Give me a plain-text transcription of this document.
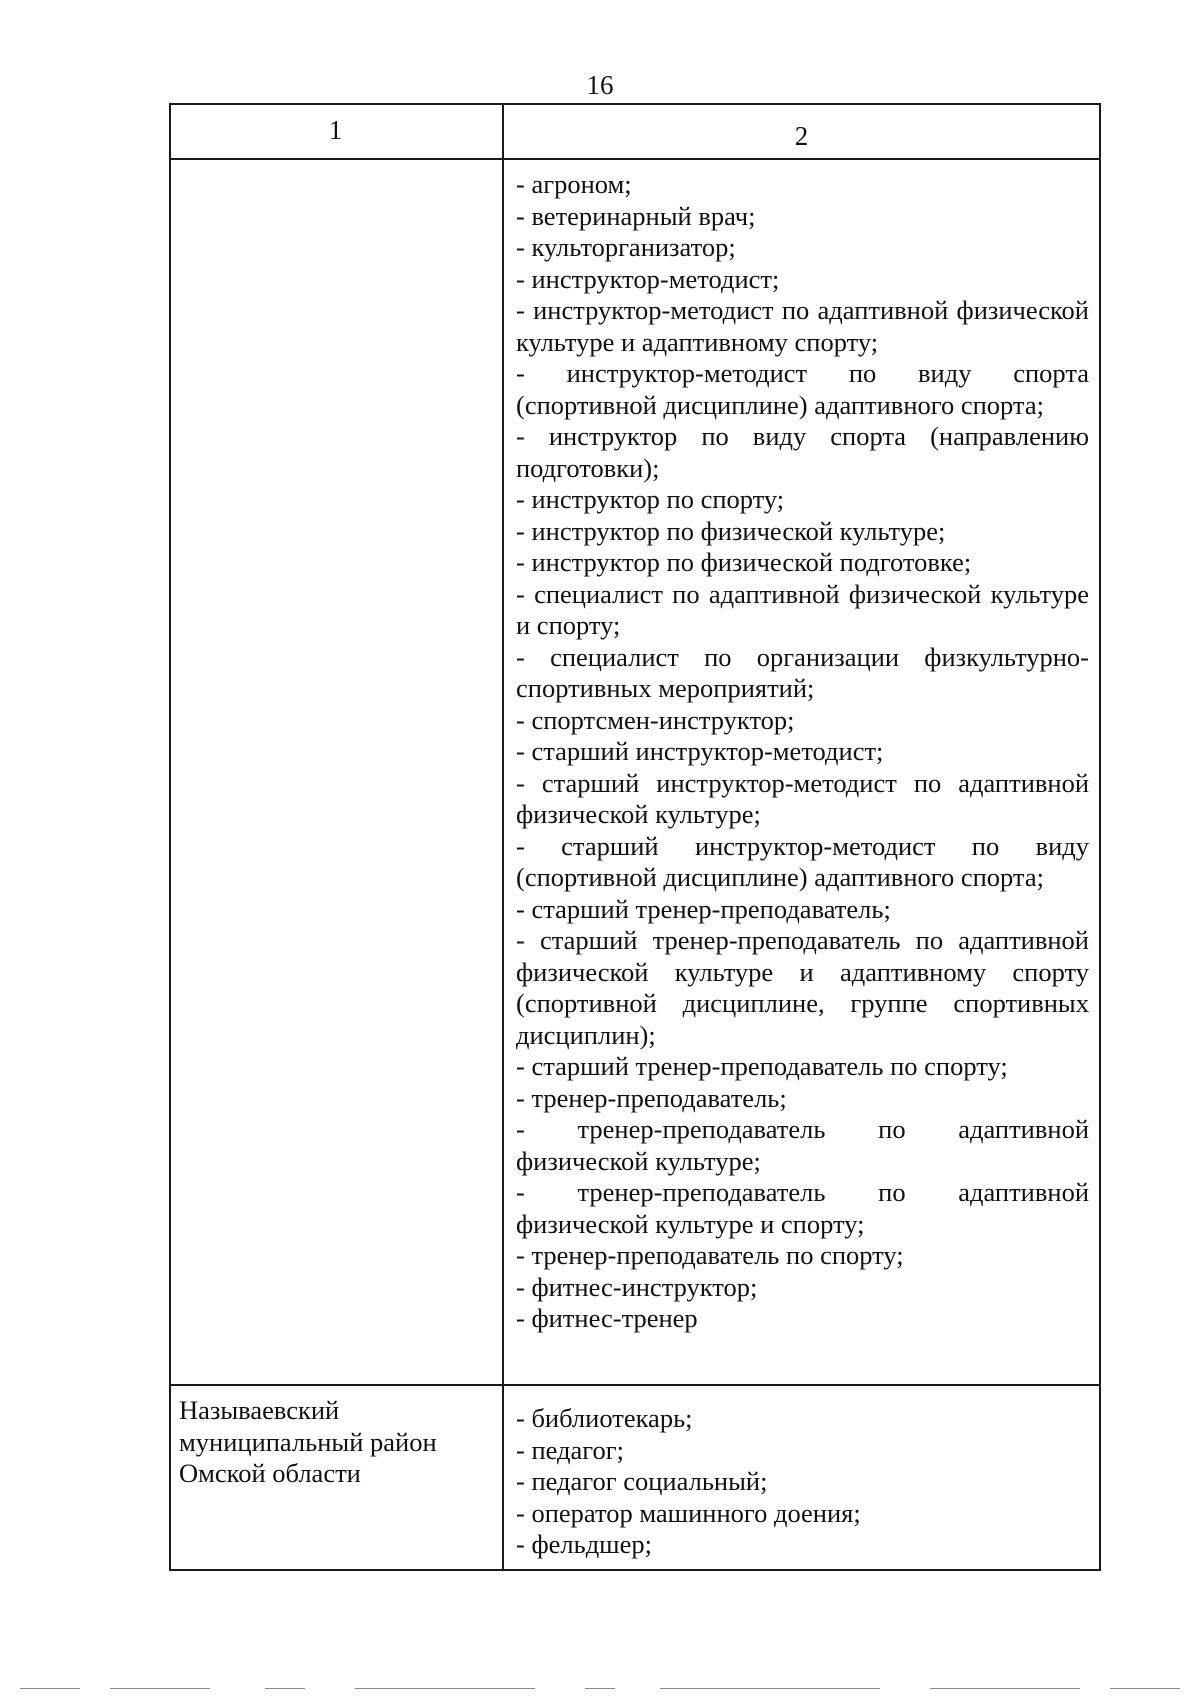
16
1	2
- агроном;
- ветеринарный врач;
- культорганизатор;
- инструктор-методист;
- инструктор-методист по адаптивной физической культуре и адаптивному спорту;
- инструктор-методист по виду спорта (спортивной дисциплине) адаптивного спорта;
- инструктор по виду спорта (направлению подготовки);
- инструктор по спорту;
- инструктор по физической культуре;
- инструктор по физической подготовке;
- специалист по адаптивной физической культуре и спорту;
- специалист по организации физкультурно-спортивных мероприятий;
- спортсмен-инструктор;
- старший инструктор-методист;
- старший инструктор-методист по адаптивной физической культуре;
- старший инструктор-методист по виду (спортивной дисциплине) адаптивного спорта;
- старший тренер-преподаватель;
- старший тренер-преподаватель по адаптивной физической культуре и адаптивному спорту (спортивной дисциплине, группе спортивных дисциплин);
- старший тренер-преподаватель по спорту;
- тренер-преподаватель;
- тренер-преподаватель по адаптивной физической культуре;
- тренер-преподаватель по адаптивной физической культуре и спорту;
- тренер-преподаватель по спорту;
- фитнес-инструктор;
- фитнес-тренер
Называевский муниципальный район Омской области
- библиотекарь;
- педагог;
- педагог социальный;
- оператор машинного доения;
- фельдшер;
